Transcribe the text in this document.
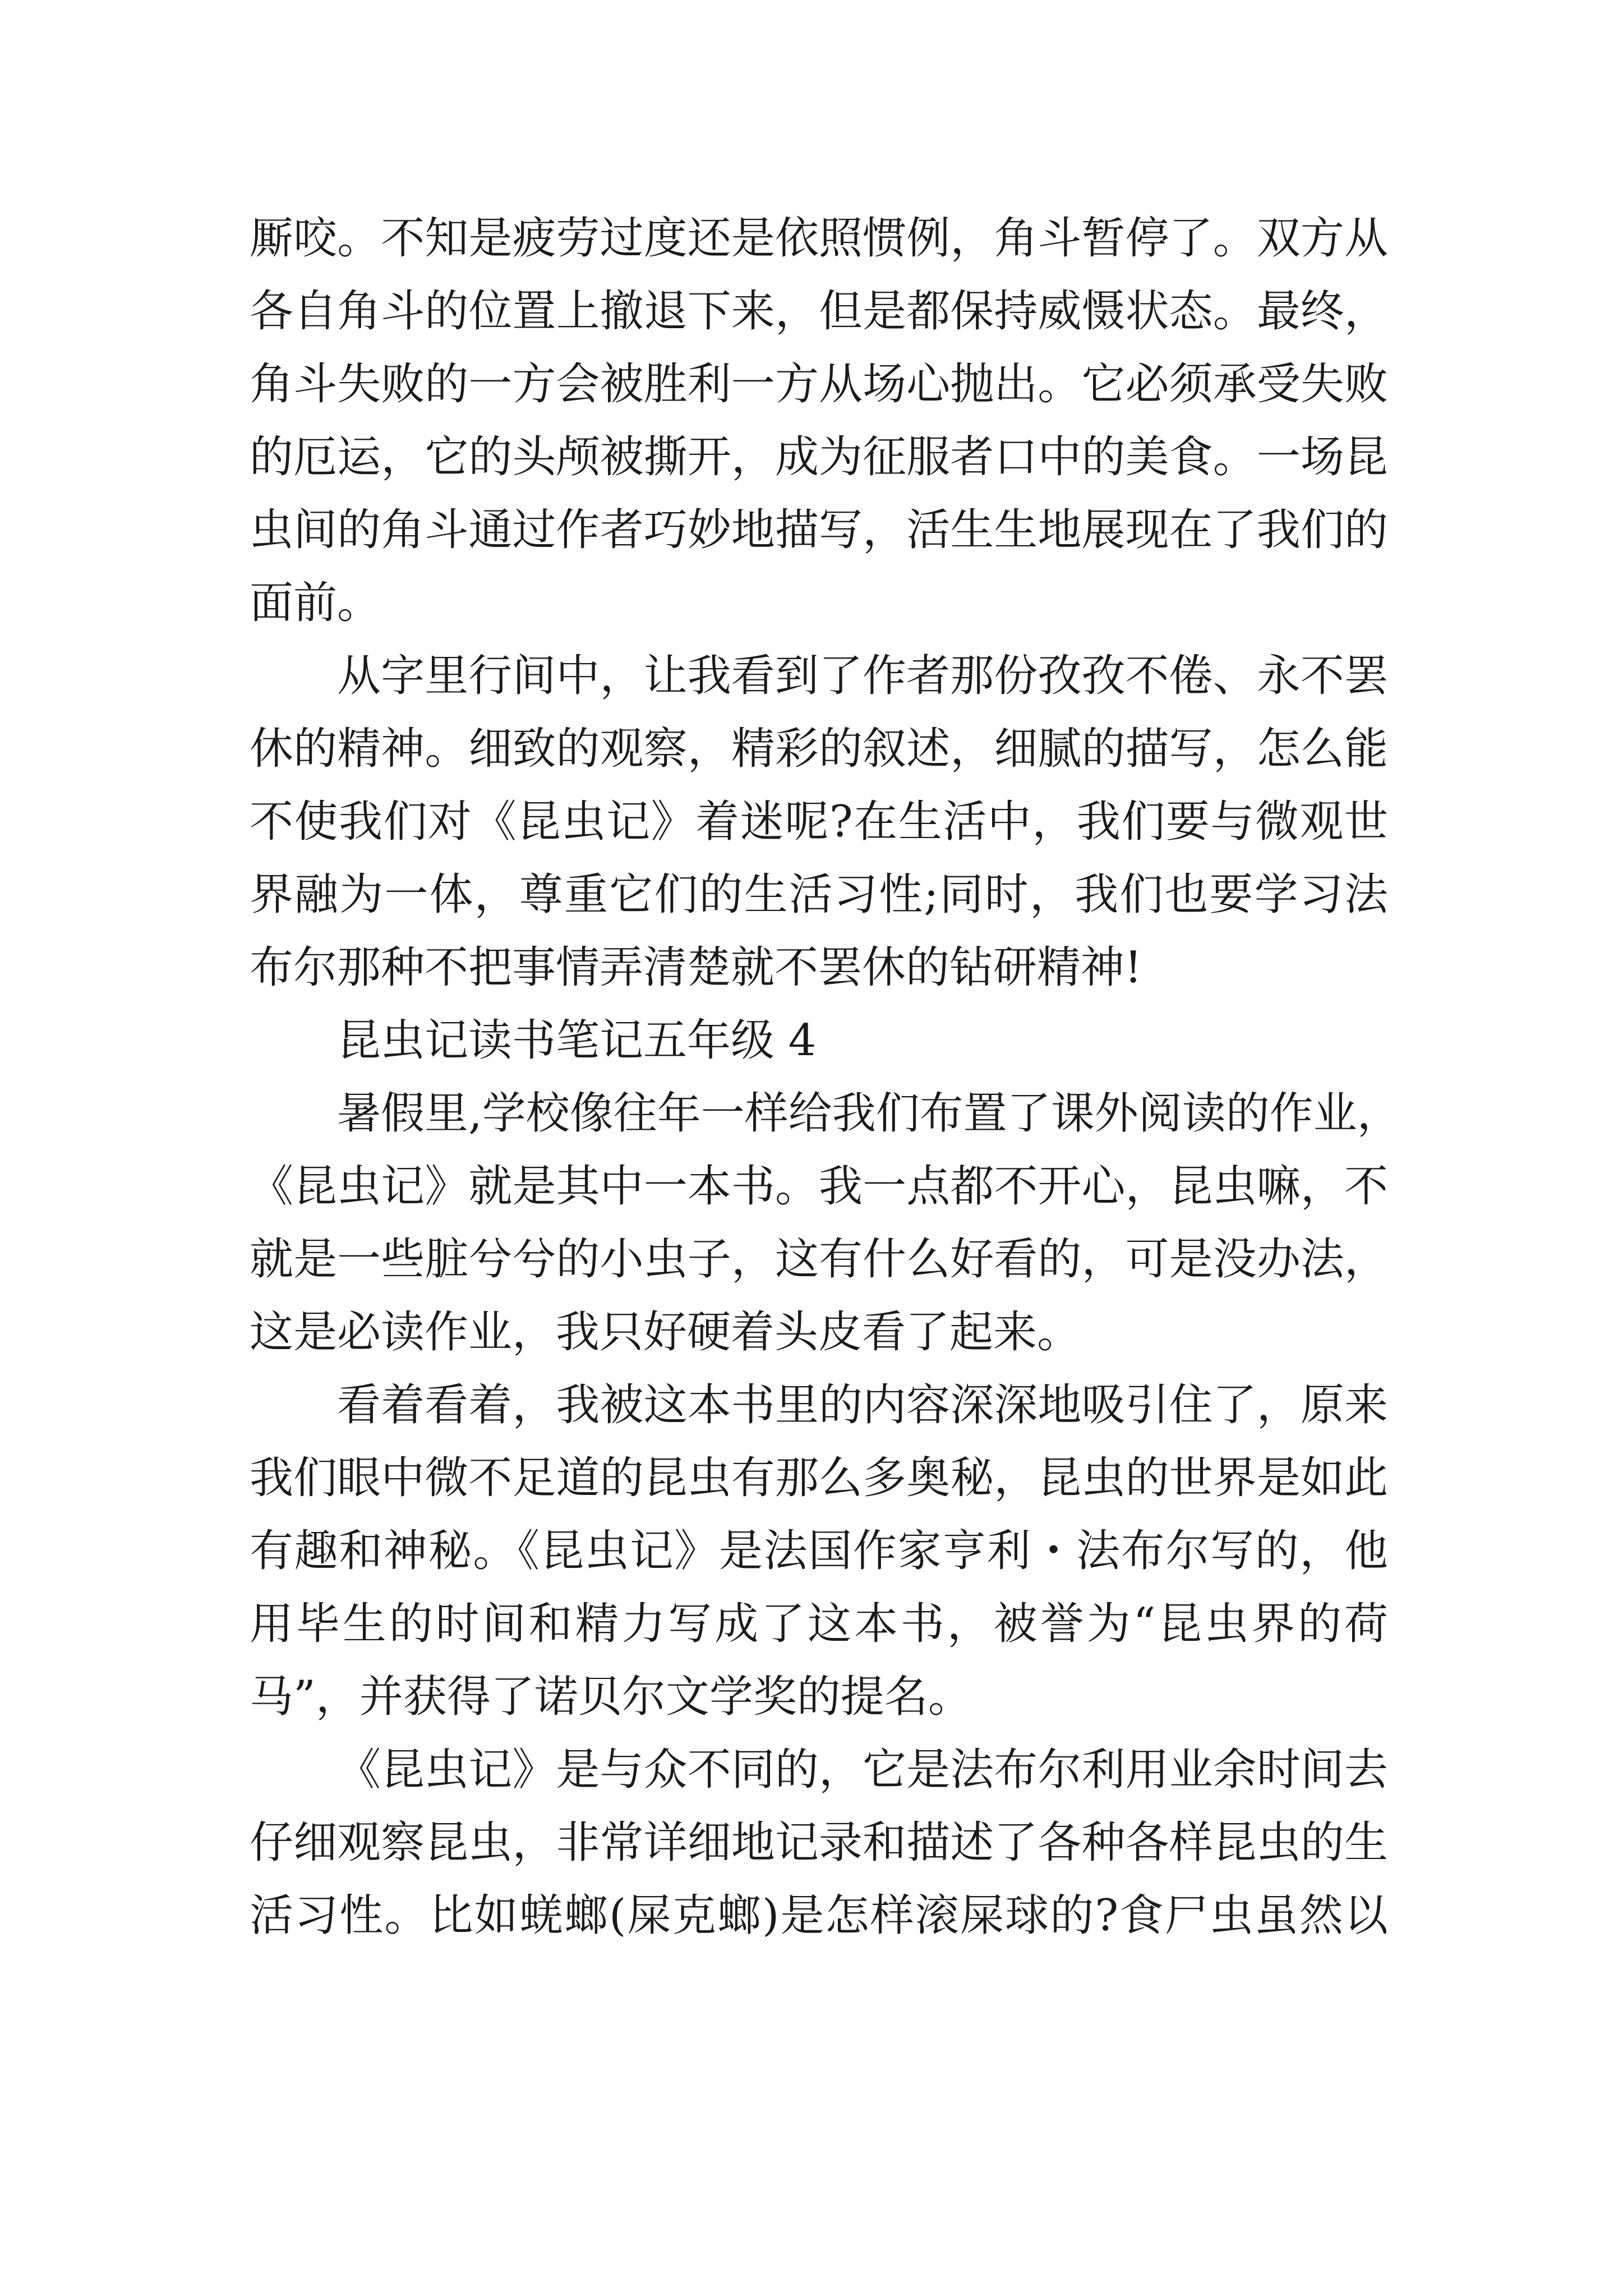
厮咬。不知是疲劳过度还是依照惯例，角斗暂停了。双方从
各自角斗的位置上撤退下来，但是都保持威慑状态。最终，
角斗失败的一方会被胜利一方从场心抛出。它必须承受失败
的厄运，它的头颅被撕开，成为征服者口中的美食。一场昆
虫间的角斗通过作者巧妙地描写，活生生地展现在了我们的
面前。
从字里行间中，让我看到了作者那份孜孜不倦、永不罢
休的精神。细致的观察，精彩的叙述，细腻的描写，怎么能
不使我们对《昆虫记》着迷呢?在生活中，我们要与微观世
界融为一体，尊重它们的生活习性;同时，我们也要学习法
布尔那种不把事情弄清楚就不罢休的钻研精神!
昆虫记读书笔记五年级 4
暑假里,学校像往年一样给我们布置了课外阅读的作业，
《昆虫记》就是其中一本书。我一点都不开心，昆虫嘛，不
就是一些脏兮兮的小虫子，这有什么好看的，可是没办法，
这是必读作业，我只好硬着头皮看了起来。
看着看着，我被这本书里的内容深深地吸引住了，原来
我们眼中微不足道的昆虫有那么多奥秘，昆虫的世界是如此
有趣和神秘。《昆虫记》是法国作家亨利・法布尔写的，他
用毕生的时间和精力写成了这本书，被誉为“昆虫界的荷
马”，并获得了诺贝尔文学奖的提名。
《昆虫记》是与众不同的，它是法布尔利用业余时间去
仔细观察昆虫，非常详细地记录和描述了各种各样昆虫的生
活习性。比如蜣螂(屎克螂)是怎样滚屎球的?食尸虫虽然以
